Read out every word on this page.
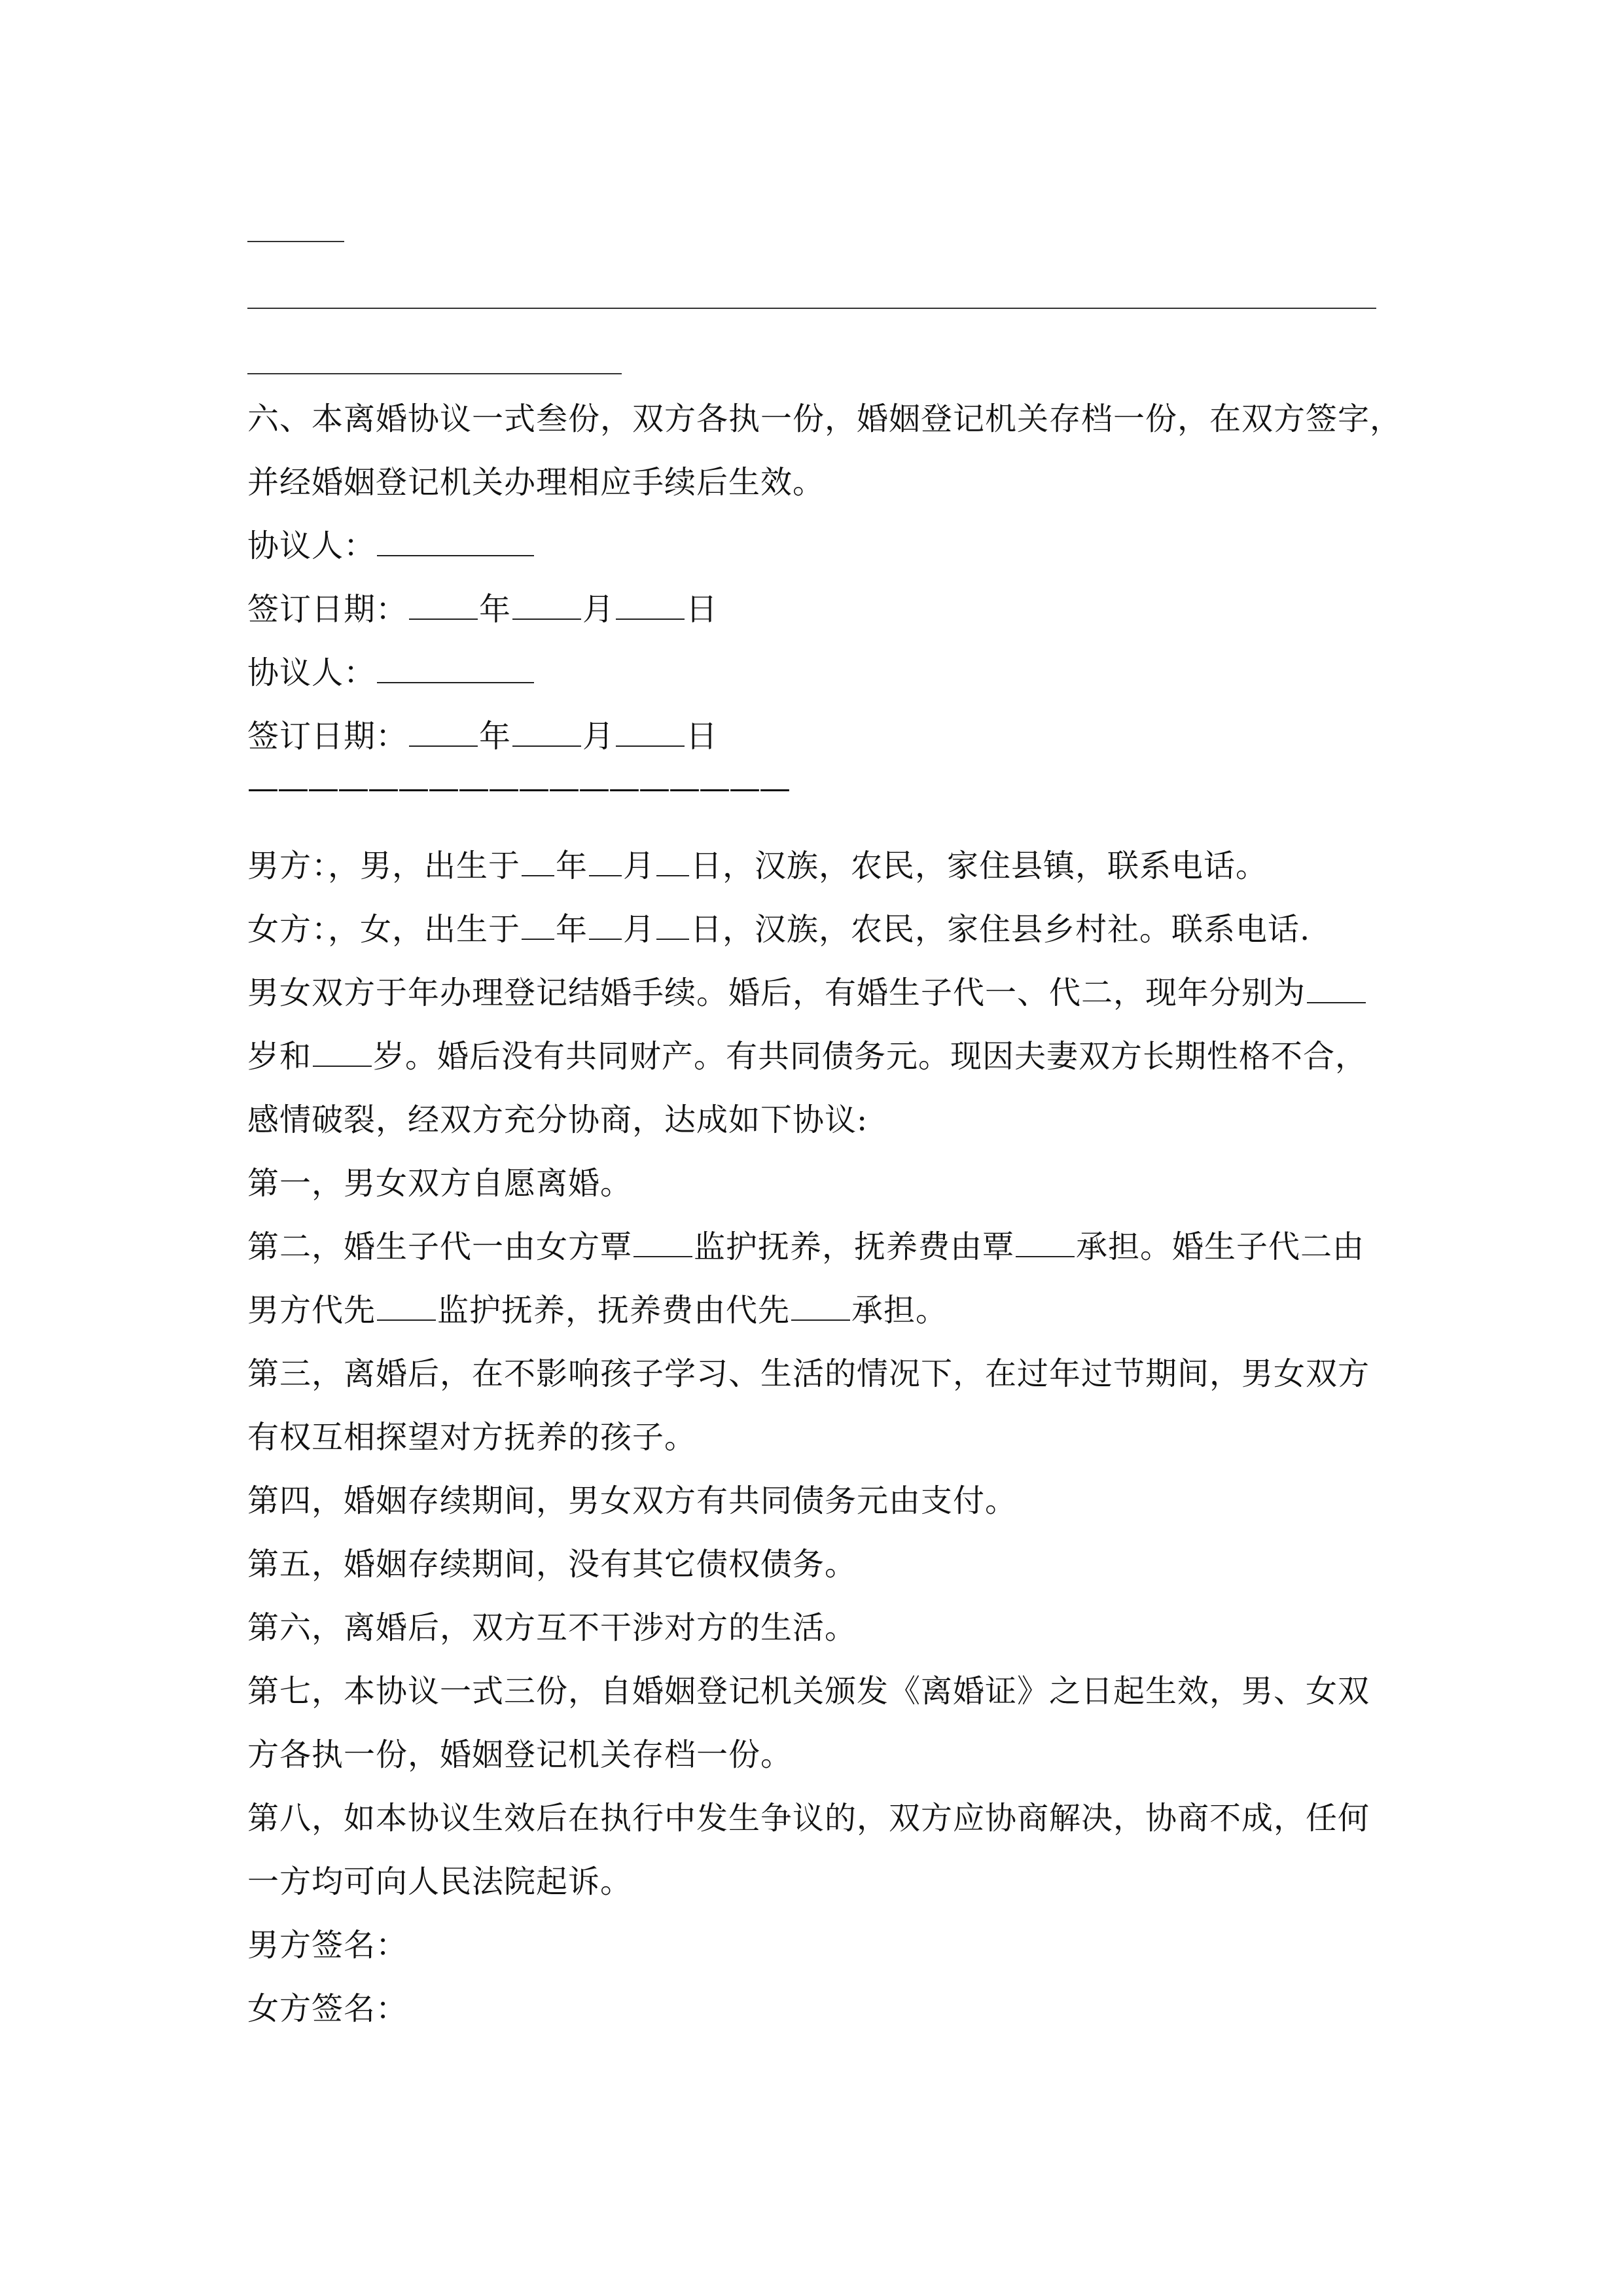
六、本离婚协议一式叁份，双方各执一份，婚姻登记机关存档一份，在双方签字，
并经婚姻登记机关办理相应手续后生效。
协议人：
签订日期： 年 月 日
协议人：
签订日期： 年 月 日
——————————————————
男方：，男，出生于 年 月 日，汉族，农民，家住县镇，联系电话。
女方：，女，出生于 年 月 日，汉族，农民，家住县乡村社。联系电话.
男女双方于年办理登记结婚手续。婚后，有婚生子代一、代二，现年分别为
岁和 岁。婚后没有共同财产。有共同债务元。现因夫妻双方长期性格不合，
感情破裂，经双方充分协商，达成如下协议:
第一，男女双方自愿离婚。
第二，婚生子代一由女方覃 监护抚养，抚养费由覃 承担。婚生子代二由
男方代先 监护抚养，抚养费由代先 承担。
第三，离婚后，在不影响孩子学习、生活的情况下，在过年过节期间，男女双方
有权互相探望对方抚养的孩子。
第四，婚姻存续期间，男女双方有共同债务元由支付。
第五，婚姻存续期间，没有其它债权债务。
第六，离婚后，双方互不干涉对方的生活。
第七，本协议一式三份，自婚姻登记机关颁发《离婚证》之日起生效，男、女双
方各执一份，婚姻登记机关存档一份。
第八，如本协议生效后在执行中发生争议的，双方应协商解决，协商不成，任何
一方均可向人民法院起诉。
男方签名：
女方签名：
